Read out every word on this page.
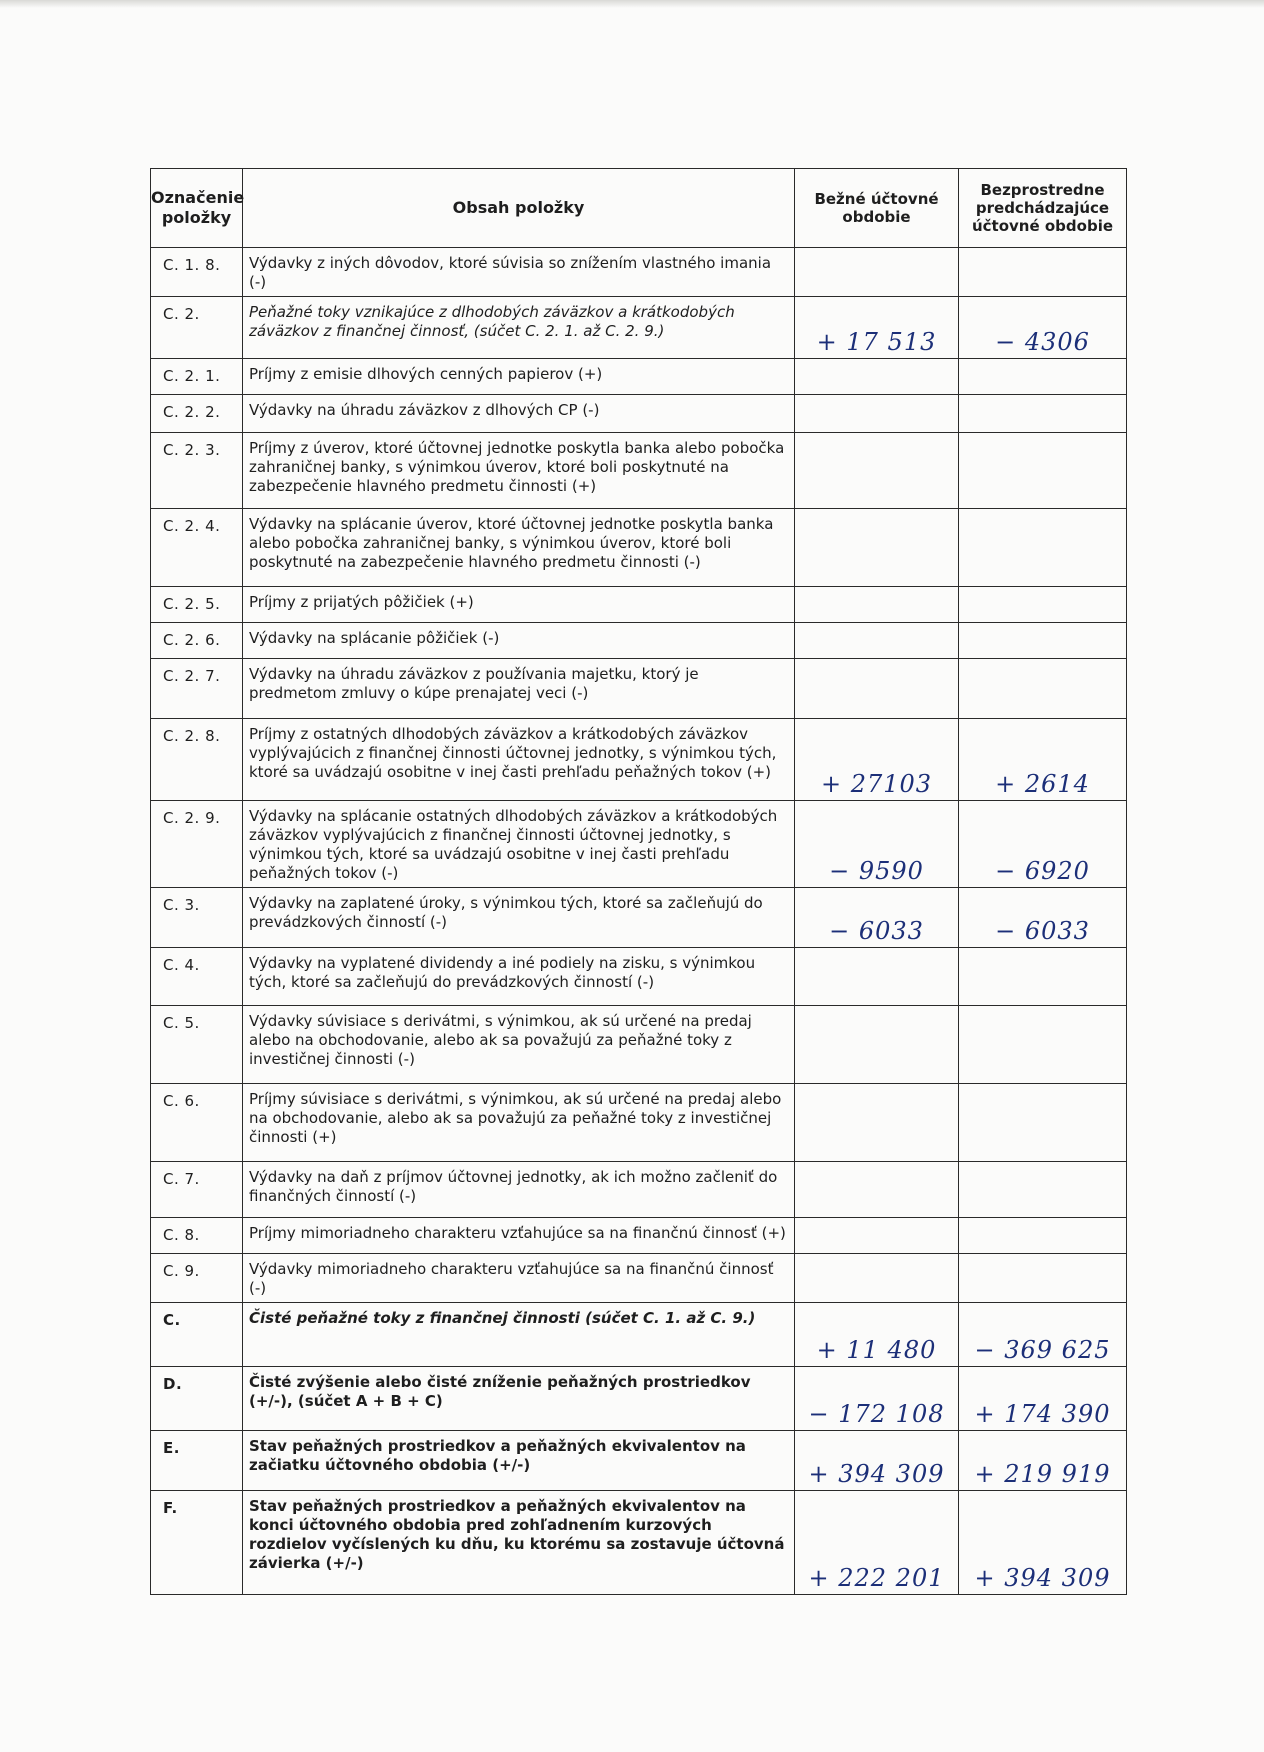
Označenie položky	Obsah položky	Bežné účtovné obdobie	Bezprostredne predchádzajúce účtovné obdobie
C. 1. 8.	Výdavky z iných dôvodov, ktoré súvisia so znížením vlastného imania (-)		
C. 2.	Peňažné toky vznikajúce z dlhodobých záväzkov a krátkodobých záväzkov z finančnej činnosť, (súčet C. 2. 1. až C. 2. 9.)	+ 17 513	− 4306
C. 2. 1.	Príjmy z emisie dlhových cenných papierov (+)		
C. 2. 2.	Výdavky na úhradu záväzkov z dlhových CP (-)		
C. 2. 3.	Príjmy z úverov, ktoré účtovnej jednotke poskytla banka alebo pobočka zahraničnej banky, s výnimkou úverov, ktoré boli poskytnuté na zabezpečenie hlavného predmetu činnosti (+)		
C. 2. 4.	Výdavky na splácanie úverov, ktoré účtovnej jednotke poskytla banka alebo pobočka zahraničnej banky, s výnimkou úverov, ktoré boli poskytnuté na zabezpečenie hlavného predmetu činnosti (-)		
C. 2. 5.	Príjmy z prijatých pôžičiek (+)		
C. 2. 6.	Výdavky na splácanie pôžičiek (-)		
C. 2. 7.	Výdavky na úhradu záväzkov z používania majetku, ktorý je predmetom zmluvy o kúpe prenajatej veci (-)		
C. 2. 8.	Príjmy z ostatných dlhodobých záväzkov a krátkodobých záväzkov vyplývajúcich z finančnej činnosti účtovnej jednotky, s výnimkou tých, ktoré sa uvádzajú osobitne v inej časti prehľadu peňažných tokov (+)	+ 27103	+ 2614
C. 2. 9.	Výdavky na splácanie ostatných dlhodobých záväzkov a krátkodobých záväzkov vyplývajúcich z finančnej činnosti účtovnej jednotky, s výnimkou tých, ktoré sa uvádzajú osobitne v inej časti prehľadu peňažných tokov (-)	− 9590	− 6920
C. 3.	Výdavky na zaplatené úroky, s výnimkou tých, ktoré sa začleňujú do prevádzkových činností (-)	− 6033	− 6033
C. 4.	Výdavky na vyplatené dividendy a iné podiely na zisku, s výnimkou tých, ktoré sa začleňujú do prevádzkových činností (-)		
C. 5.	Výdavky súvisiace s derivátmi, s výnimkou, ak sú určené na predaj alebo na obchodovanie, alebo ak sa považujú za peňažné toky z investičnej činnosti (-)		
C. 6.	Príjmy súvisiace s derivátmi, s výnimkou, ak sú určené na predaj alebo na obchodovanie, alebo ak sa považujú za peňažné toky z investičnej činnosti (+)		
C. 7.	Výdavky na daň z príjmov účtovnej jednotky, ak ich možno začleniť do finančných činností (-)		
C. 8.	Príjmy mimoriadneho charakteru vzťahujúce sa na finančnú činnosť (+)		
C. 9.	Výdavky mimoriadneho charakteru vzťahujúce sa na finančnú činnosť (-)		
C.	Čisté peňažné toky z finančnej činnosti (súčet C. 1. až C. 9.)	+ 11 480	− 369 625
D.	Čisté zvýšenie alebo čisté zníženie peňažných prostriedkov (+/-), (súčet A + B + C)	− 172 108	+ 174 390
E.	Stav peňažných prostriedkov a peňažných ekvivalentov na začiatku účtovného obdobia (+/-)	+ 394 309	+ 219 919
F.	Stav peňažných prostriedkov a peňažných ekvivalentov na konci účtovného obdobia pred zohľadnením kurzových rozdielov vyčíslených ku dňu, ku ktorému sa zostavuje účtovná závierka (+/-)	+ 222 201	+ 394 309
